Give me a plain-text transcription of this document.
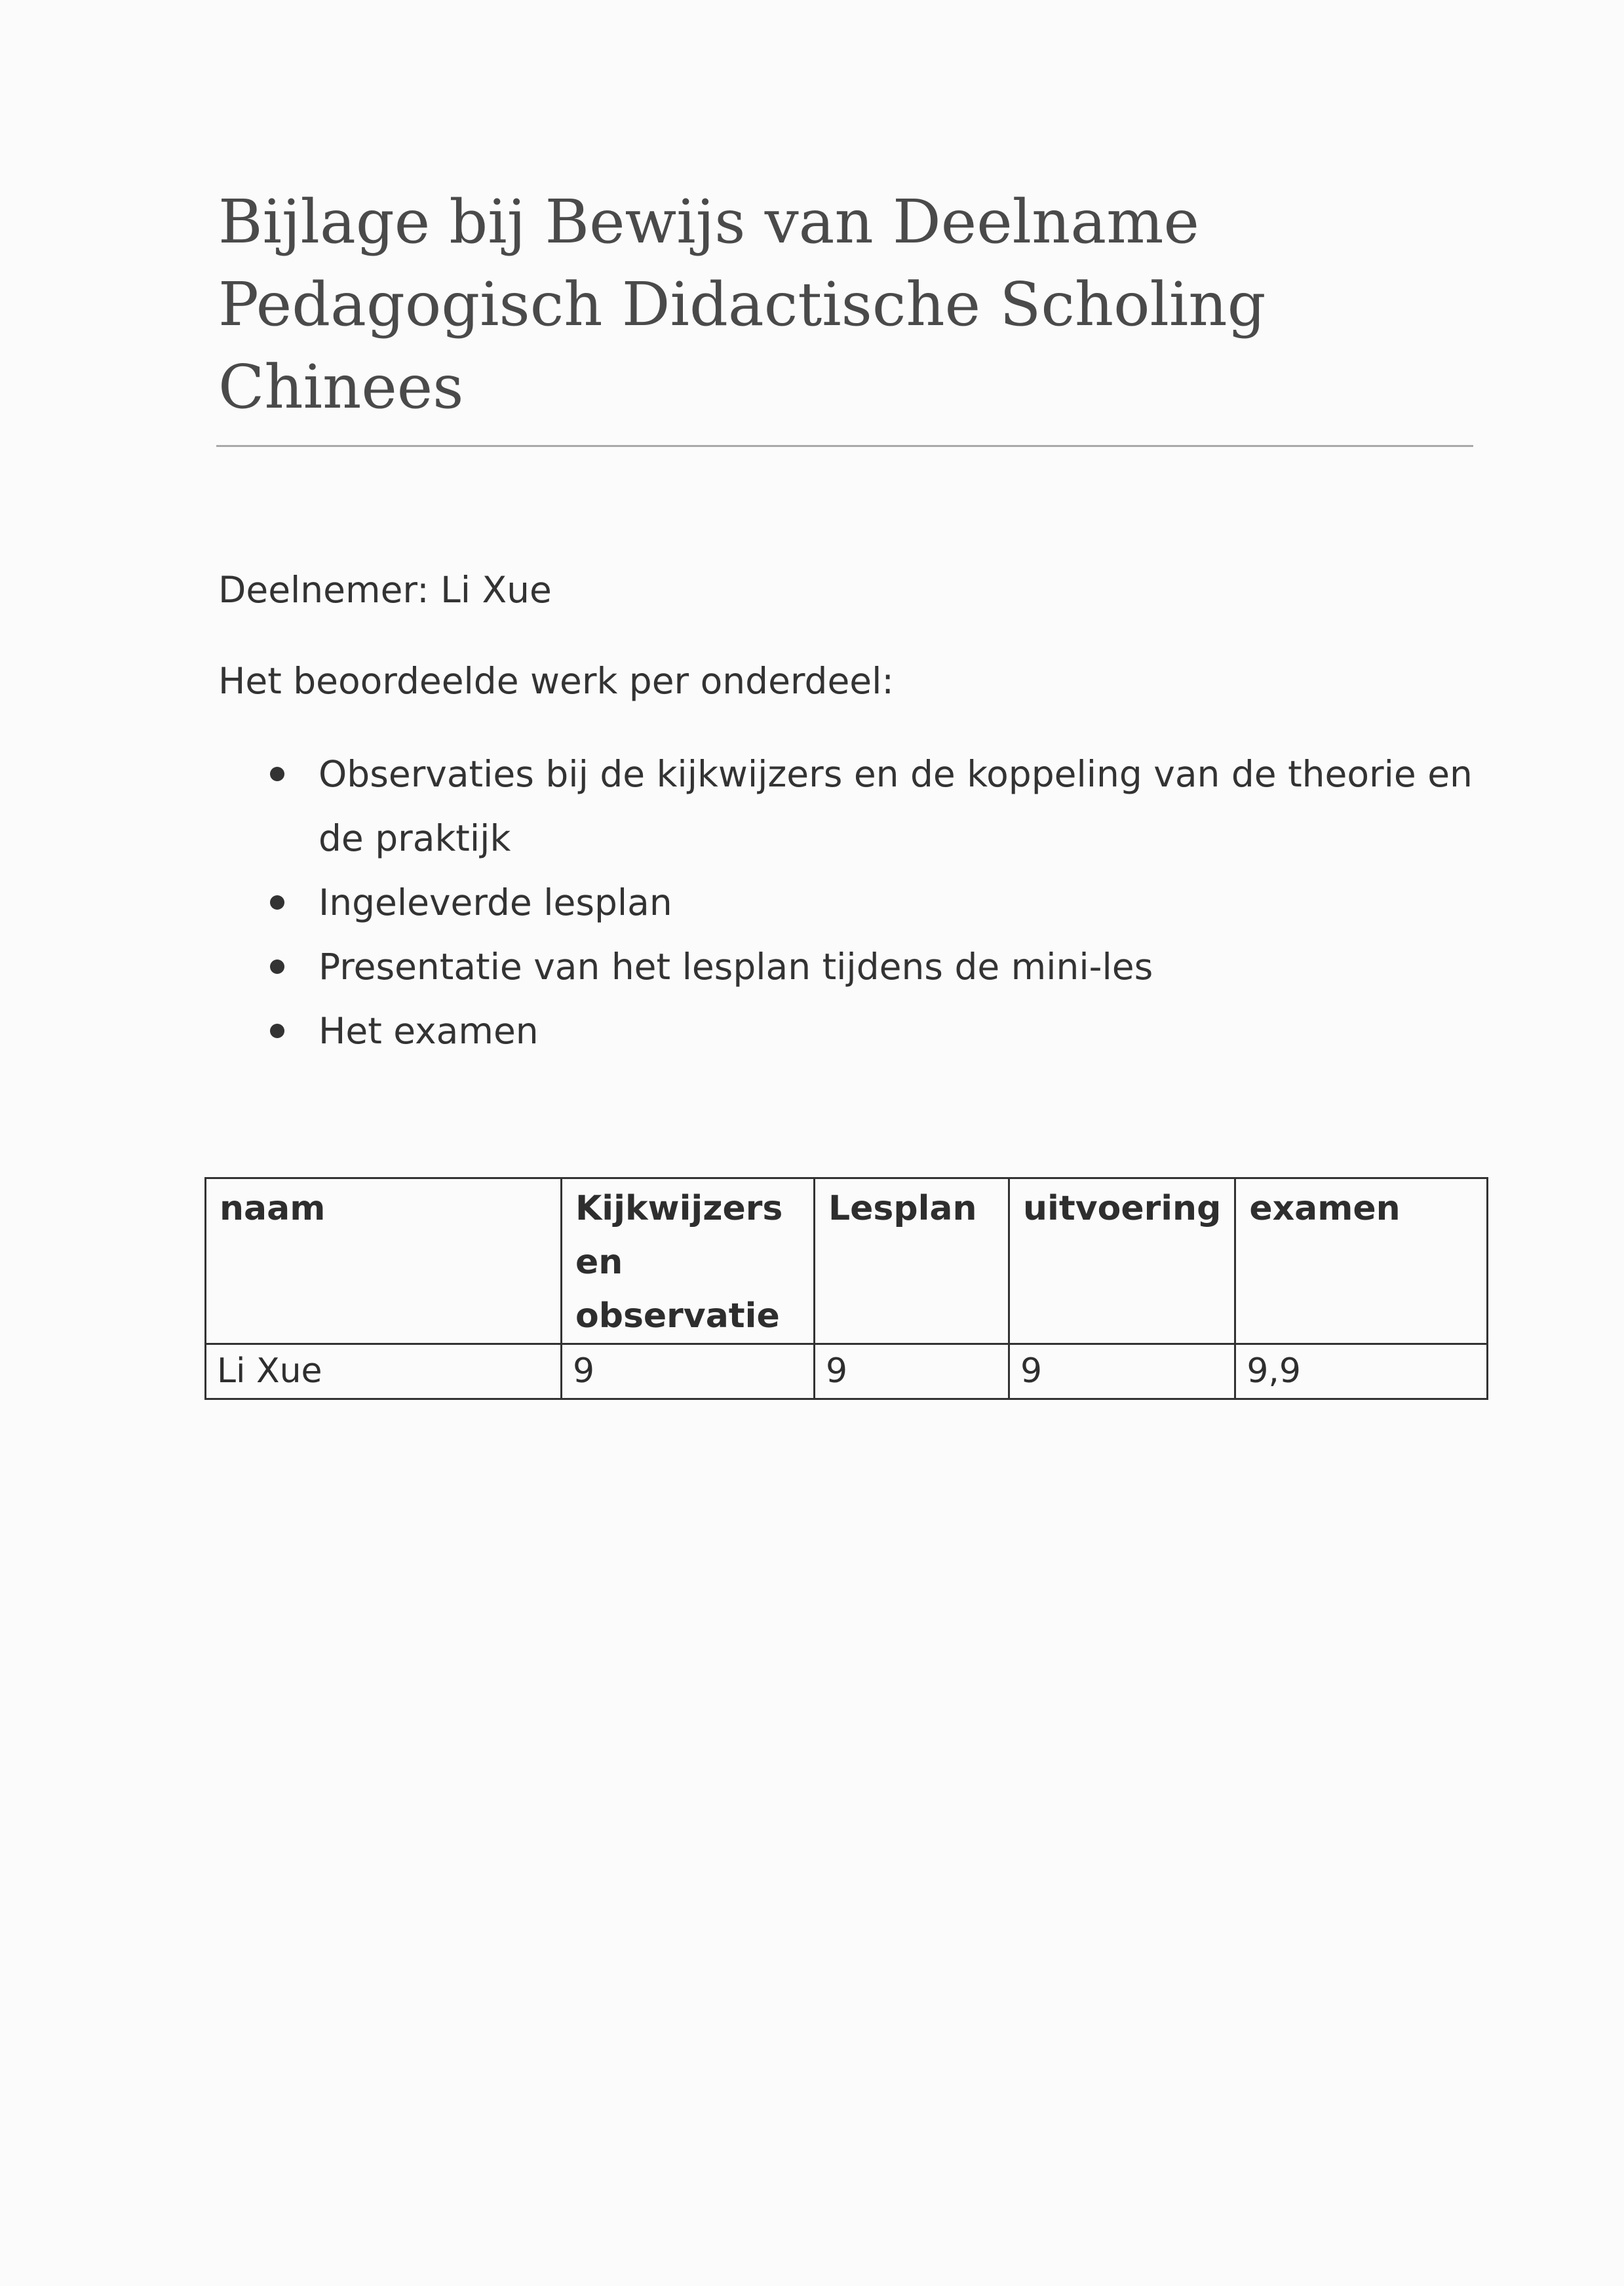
Bijlage bij Bewijs van Deelname
Pedagogisch Didactische Scholing
Chinees
Deelnemer: Li Xue
Het beoordeelde werk per onderdeel:
Observaties bij de kijkwijzers en de koppeling van de theorie en
de praktijk
Ingeleverde lesplan
Presentatie van het lesplan tijdens de mini-les
Het examen
naam	Kijkwijzers
en
observatie	Lesplan	uitvoering	examen
Li Xue	9	9	9	9,9
